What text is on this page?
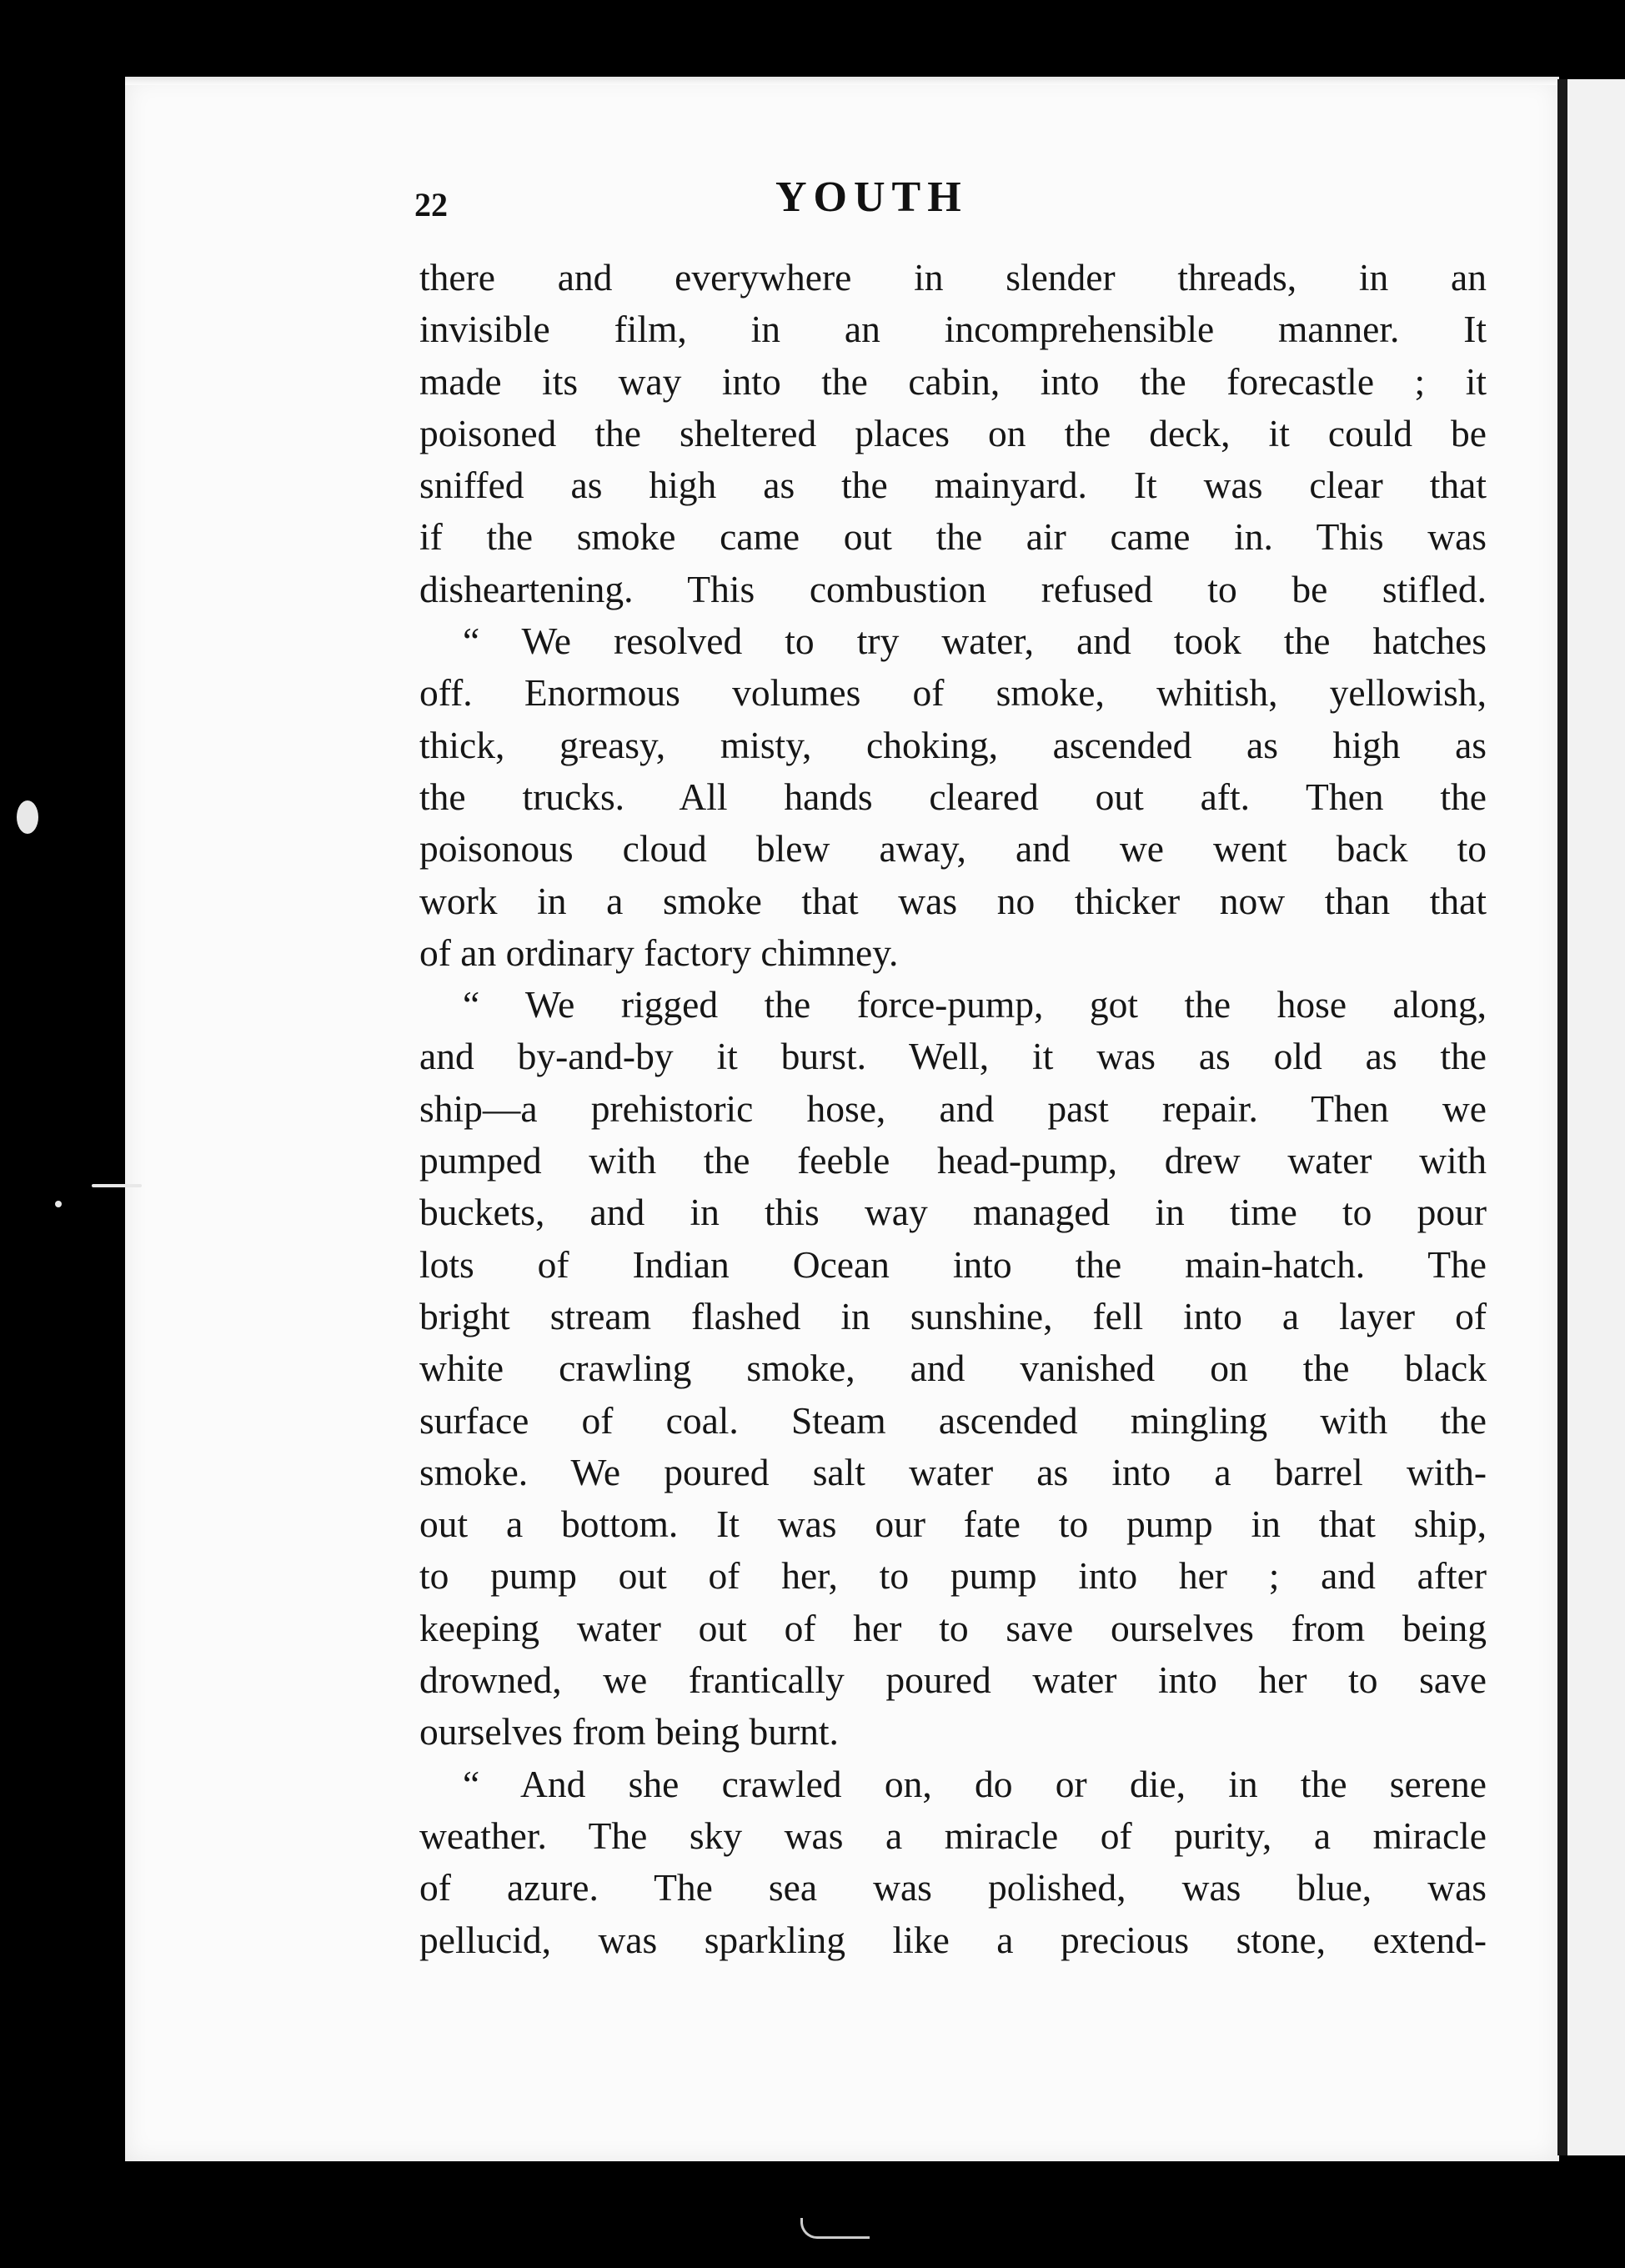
22	YOUTH

there and everywhere in slender threads, in an

invisible film, in an incomprehensible manner. It

made its way into the cabin, into the forecastle ; it

poisoned the sheltered places on the deck, it could be

sniffed as high as the mainyard. It was clear that

if the smoke came out the air came in. This was

disheartening. This combustion refused to be stifled.

“ We resolved to try water, and took the hatches

off. Enormous volumes of smoke, whitish, yellowish,

thick, greasy, misty, choking, ascended as high as

the trucks. All hands cleared out aft. Then the

poisonous cloud blew away, and we went back to

work in a smoke that was no thicker now than that

of an ordinary factory chimney.

“ We rigged the force-pump, got the hose along,

and by-and-by it burst. Well, it was as old as the

ship—a prehistoric hose, and past repair. Then we

pumped with the feeble head-pump, drew water with

buckets, and in this way managed in time to pour

lots of Indian Ocean into the main-hatch. The

bright stream flashed in sunshine, fell into a layer of

white crawling smoke, and vanished on the black

surface of coal. Steam ascended mingling with the

smoke. We poured salt water as into a barrel with-

out a bottom. It was our fate to pump in that ship,

to pump out of her, to pump into her ; and after

keeping water out of her to save ourselves from being

drowned, we frantically poured water into her to save

ourselves from being burnt.

“ And she crawled on, do or die, in the serene

weather. The sky was a miracle of purity, a miracle

of azure. The sea was polished, was blue, was

pellucid, was sparkling like a precious stone, extend-
